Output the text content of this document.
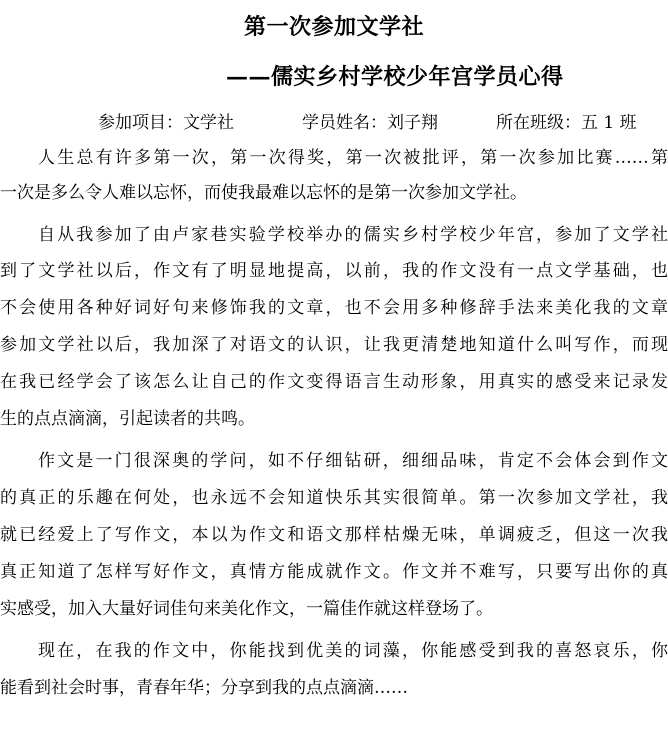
第一次参加文学社
——儒实乡村学校少年宫学员心得
参加项目：文学社	学员姓名：刘子翔	所在班级：五 1 班
人生总有许多第一次，第一次得奖，第一次被批评，第一次参加比赛……第
一次是多么令人难以忘怀，而使我最难以忘怀的是第一次参加文学社。
自从我参加了由卢家巷实验学校举办的儒实乡村学校少年宫，参加了文学社
到了文学社以后，作文有了明显地提高，以前，我的作文没有一点文学基础，也
不会使用各种好词好句来修饰我的文章，也不会用多种修辞手法来美化我的文章
参加文学社以后，我加深了对语文的认识，让我更清楚地知道什么叫写作，而现
在我已经学会了该怎么让自己的作文变得语言生动形象，用真实的感受来记录发
生的点点滴滴，引起读者的共鸣。
作文是一门很深奥的学问，如不仔细钻研，细细品味，肯定不会体会到作文
的真正的乐趣在何处，也永远不会知道快乐其实很简单。第一次参加文学社，我
就已经爱上了写作文，本以为作文和语文那样枯燥无味，单调疲乏，但这一次我
真正知道了怎样写好作文，真情方能成就作文。作文并不难写，只要写出你的真
实感受，加入大量好词佳句来美化作文，一篇佳作就这样登场了。
现在，在我的作文中，你能找到优美的词藻，你能感受到我的喜怒哀乐，你
能看到社会时事，青春年华；分享到我的点点滴滴……
